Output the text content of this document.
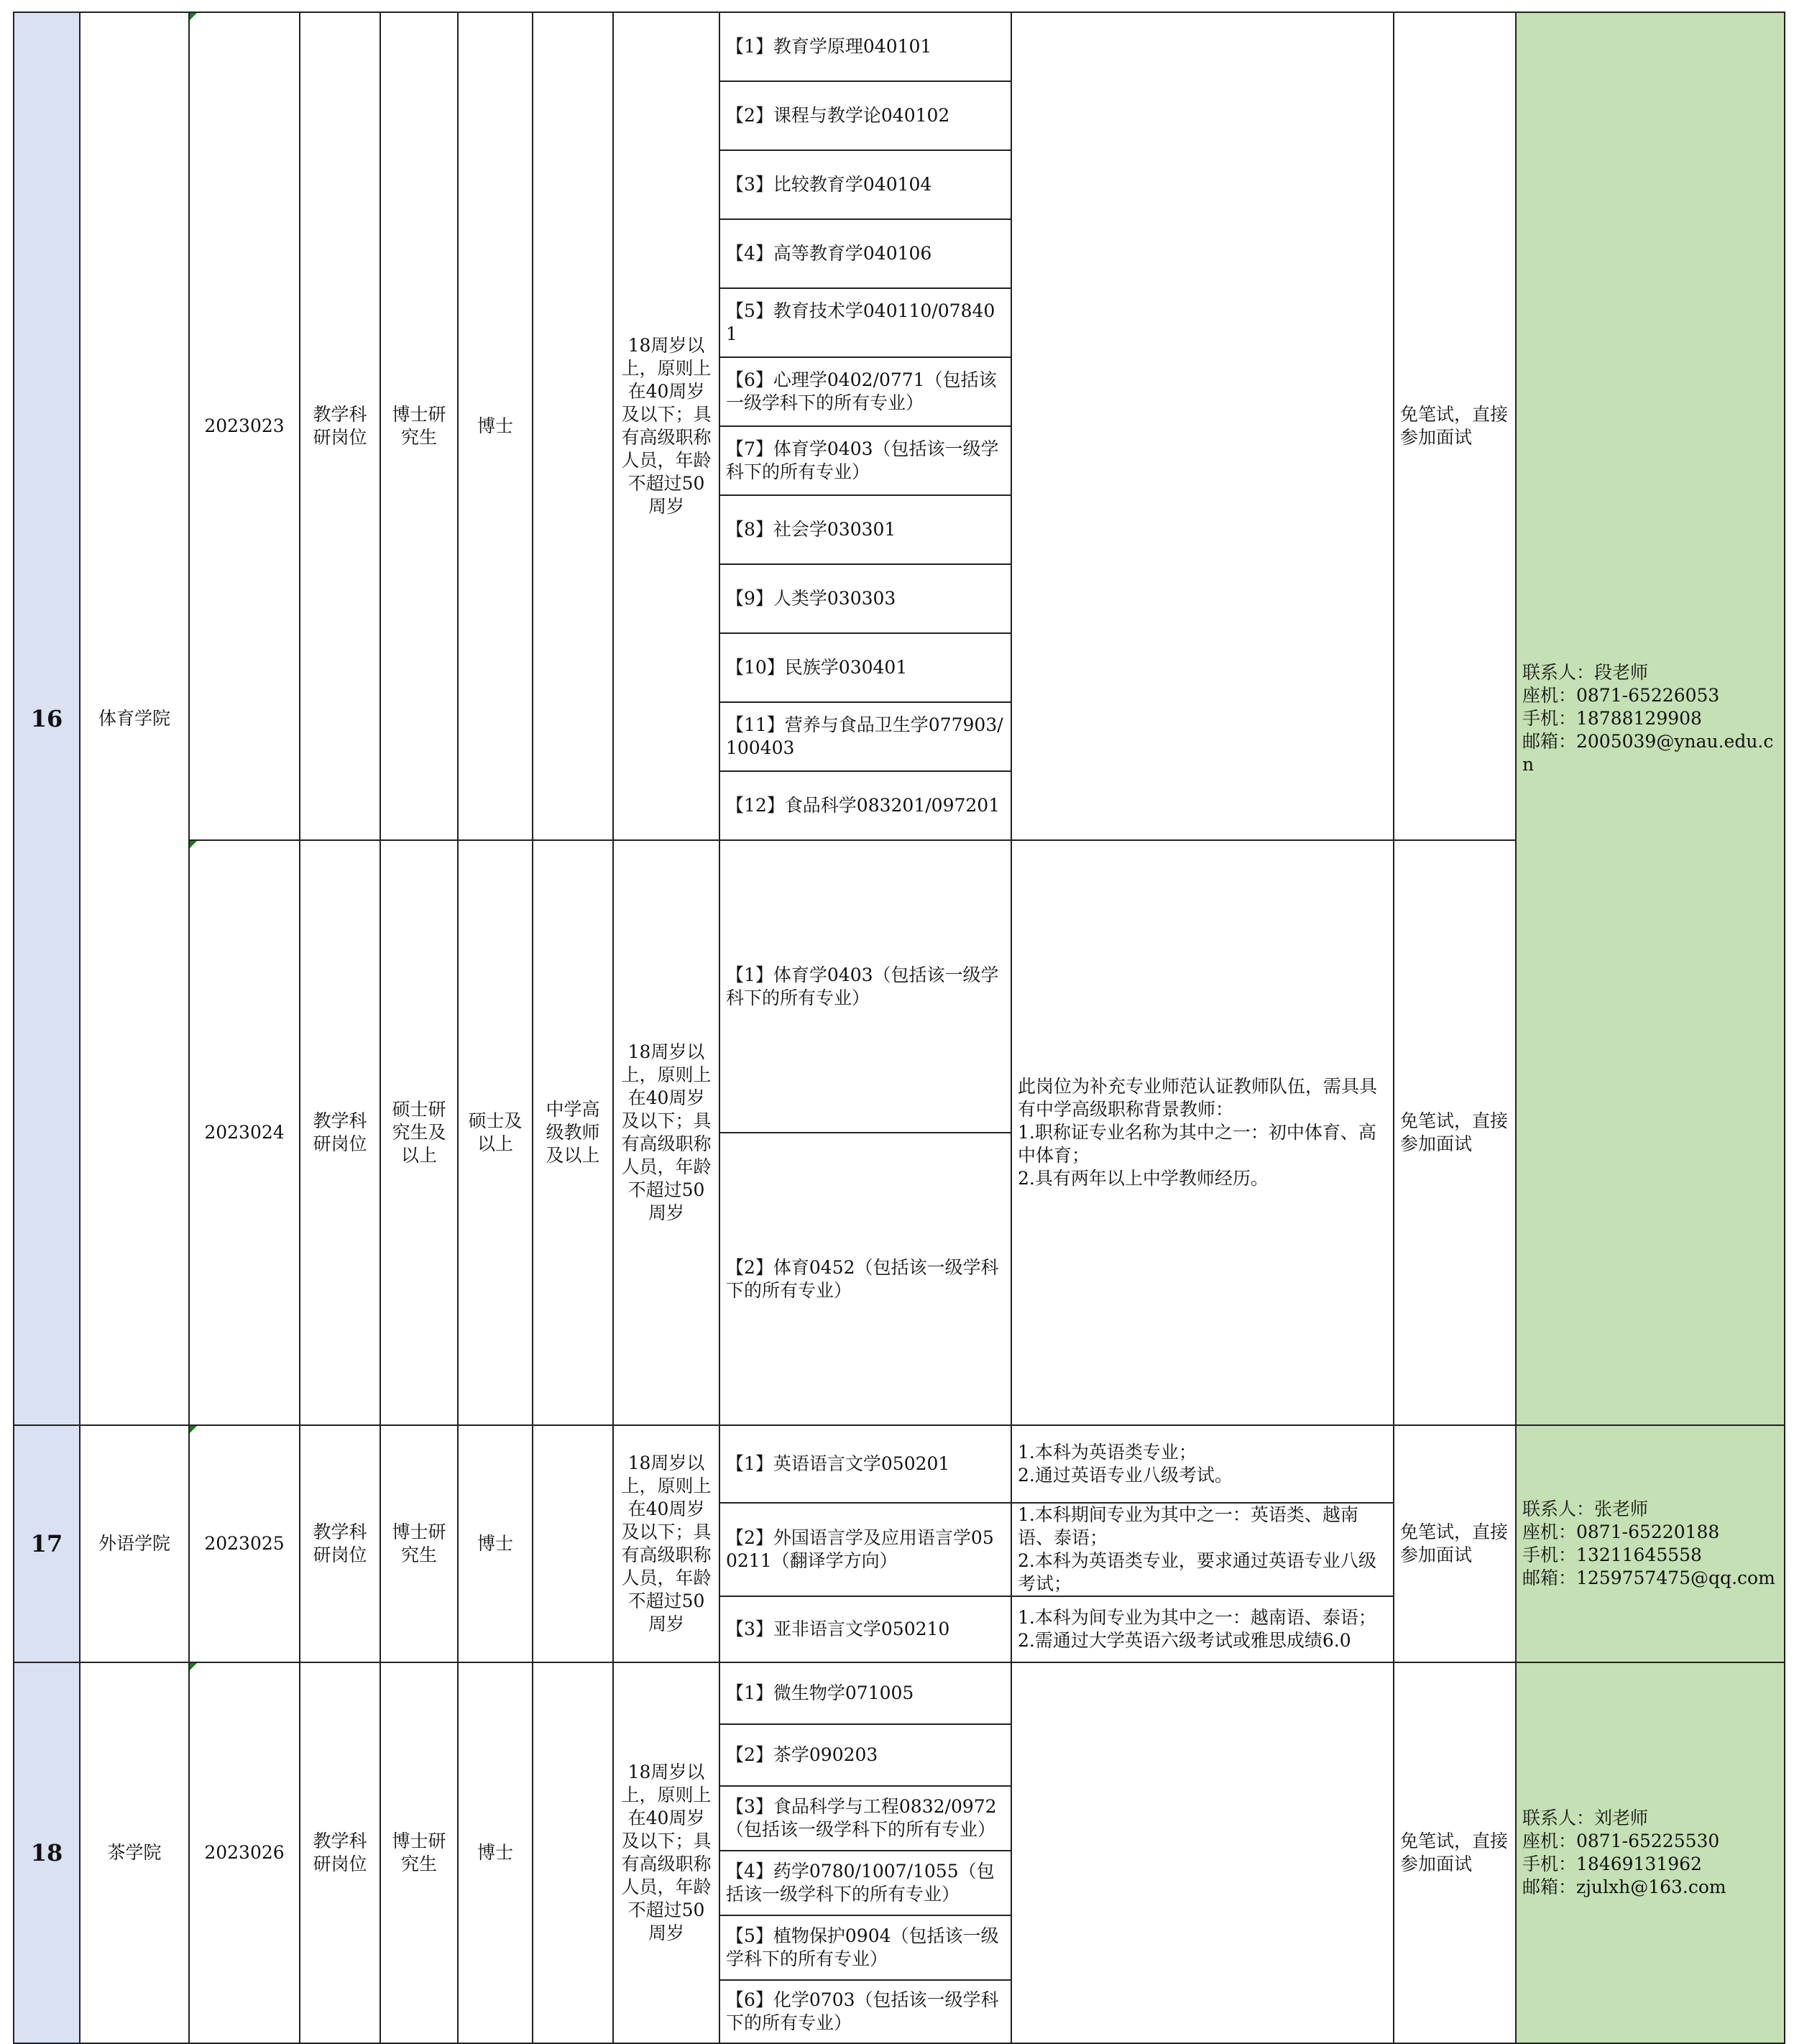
16	体育学院	2023023	教学科研岗位	博士研究生	博士		18周岁以上，原则上在40周岁及以下；具有高级职称人员，年龄不超过50周岁	【1】教育学原理040101		免笔试，直接参加面试	联系人：段老师
座机：0871-65226053
手机：18788129908
邮箱：2005039@ynau.edu.cn
								【2】课程与教学论040102			
								【3】比较教育学040104			
								【4】高等教育学040106			
								【5】教育技术学040110/078401			
								【6】心理学0402/0771（包括该一级学科下的所有专业）			
								【7】体育学0403（包括该一级学科下的所有专业）			
								【8】社会学030301			
								【9】人类学030303			
								【10】民族学030401			
								【11】营养与食品卫生学077903/100403			
								【12】食品科学083201/097201			
		2023024	教学科研岗位	硕士研究生及以上	硕士及以上	中学高级教师及以上	18周岁以上，原则上在40周岁及以下；具有高级职称人员，年龄不超过50周岁	【1】体育学0403（包括该一级学科下的所有专业）	此岗位为补充专业师范认证教师队伍，需具具有中学高级职称背景教师：
1.职称证专业名称为其中之一：初中体育、高中体育；
2.具有两年以上中学教师经历。	免笔试，直接参加面试	
								【2】体育0452（包括该一级学科下的所有专业）			
17	外语学院	2023025	教学科研岗位	博士研究生	博士		18周岁以上，原则上在40周岁及以下；具有高级职称人员，年龄不超过50周岁	【1】英语语言文学050201	1.本科为英语类专业；
2.通过英语专业八级考试。	免笔试，直接参加面试	联系人：张老师
座机：0871-65220188
手机：13211645558
邮箱：1259757475@qq.com
								【2】外国语言学及应用语言学050211（翻译学方向）	1.本科期间专业为其中之一：英语类、越南语、泰语；
2.本科为英语类专业，要求通过英语专业八级考试；		
								【3】亚非语言文学050210	1.本科为间专业为其中之一：越南语、泰语；
2.需通过大学英语六级考试或雅思成绩6.0		
18	茶学院	2023026	教学科研岗位	博士研究生	博士		18周岁以上，原则上在40周岁及以下；具有高级职称人员，年龄不超过50周岁	【1】微生物学071005		免笔试，直接参加面试	联系人：刘老师
座机：0871-65225530
手机：18469131962
邮箱：zjulxh@163.com
								【2】茶学090203			
								【3】食品科学与工程0832/0972（包括该一级学科下的所有专业）			
								【4】药学0780/1007/1055（包括该一级学科下的所有专业）			
								【5】植物保护0904（包括该一级学科下的所有专业）			
								【6】化学0703（包括该一级学科下的所有专业）			
